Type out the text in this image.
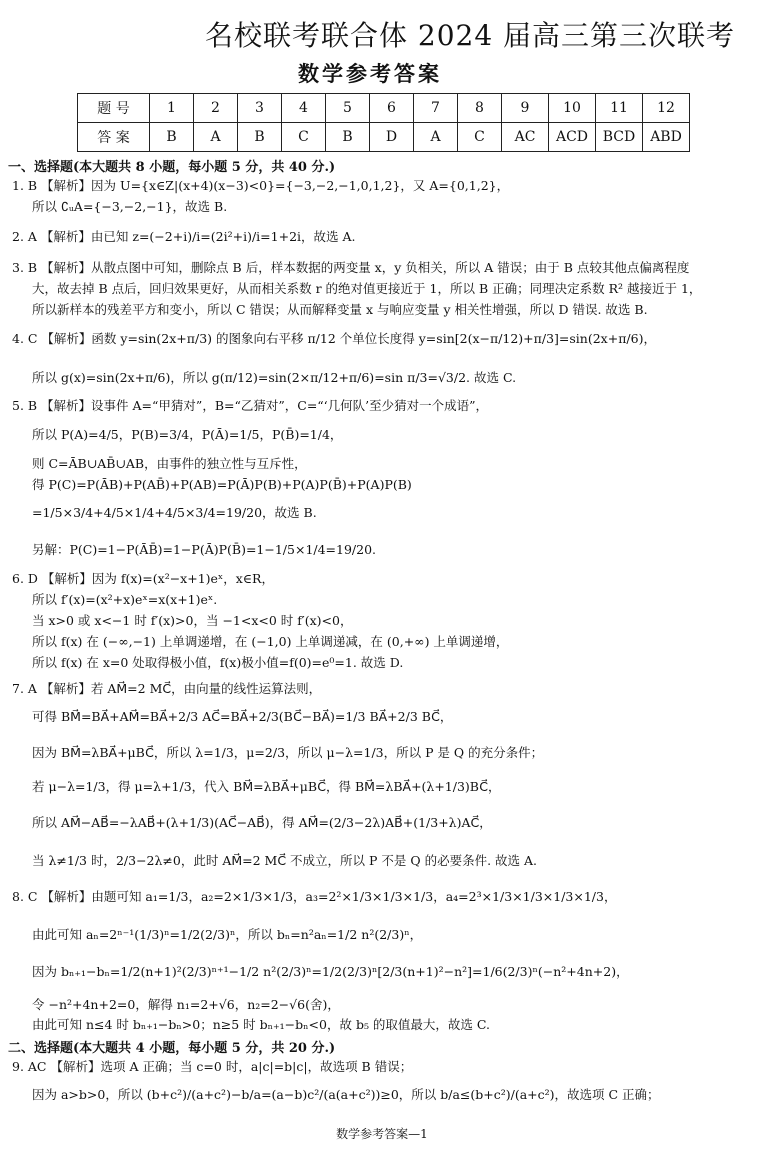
名校联考联合体 2024 届高三第三次联考
数学参考答案
题 号	1	2	3	4	5	6	7	8	9	10	11	12
答 案	B	A	B	C	B	D	A	C	AC	ACD	BCD	ABD
一、选择题(本大题共 8 小题，每小题 5 分，共 40 分.)
1. B 【解析】因为 U={x∈Z|(x+4)(x−3)<0}={−3,−2,−1,0,1,2}，又 A={0,1,2}，
所以 ∁ᵤA={−3,−2,−1}，故选 B.
2. A 【解析】由已知 z=(−2+i)/i=(2i²+i)/i=1+2i，故选 A.
3. B 【解析】从散点图中可知，删除点 B 后，样本数据的两变量 x，y 负相关，所以 A 错误；由于 B 点较其他点偏离程度
大，故去掉 B 点后，回归效果更好，从而相关系数 r 的绝对值更接近于 1，所以 B 正确；同理决定系数 R² 越接近于 1，
所以新样本的残差平方和变小，所以 C 错误；从而解释变量 x 与响应变量 y 相关性增强，所以 D 错误. 故选 B.
4. C 【解析】函数 y=sin(2x+π/3) 的图象向右平移 π/12 个单位长度得 y=sin[2(x−π/12)+π/3]=sin(2x+π/6)，
所以 g(x)=sin(2x+π/6)，所以 g(π/12)=sin(2×π/12+π/6)=sin π/3=√3/2. 故选 C.
5. B 【解析】设事件 A=“甲猜对”，B=“乙猜对”，C=“‘几何队’至少猜对一个成语”，
所以 P(A)=4/5，P(B)=3/4，P(Ā)=1/5，P(B̄)=1/4，
则 C=ĀB∪AB̄∪AB，由事件的独立性与互斥性，
得 P(C)=P(ĀB)+P(AB̄)+P(AB)=P(Ā)P(B)+P(A)P(B̄)+P(A)P(B)
=1/5×3/4+4/5×1/4+4/5×3/4=19/20，故选 B.
另解：P(C)=1−P(ĀB̄)=1−P(Ā)P(B̄)=1−1/5×1/4=19/20.
6. D 【解析】因为 f(x)=(x²−x+1)eˣ，x∈R，
所以 f′(x)=(x²+x)eˣ=x(x+1)eˣ.
当 x>0 或 x<−1 时 f′(x)>0，当 −1<x<0 时 f′(x)<0，
所以 f(x) 在 (−∞,−1) 上单调递增，在 (−1,0) 上单调递减，在 (0,+∞) 上单调递增，
所以 f(x) 在 x=0 处取得极小值，f(x)极小值=f(0)=e⁰=1. 故选 D.
7. A 【解析】若 AM⃗=2 MC⃗，由向量的线性运算法则，
可得 BM⃗=BA⃗+AM⃗=BA⃗+2/3 AC⃗=BA⃗+2/3(BC⃗−BA⃗)=1/3 BA⃗+2/3 BC⃗，
因为 BM⃗=λBA⃗+μBC⃗，所以 λ=1/3，μ=2/3，所以 μ−λ=1/3，所以 P 是 Q 的充分条件；
若 μ−λ=1/3，得 μ=λ+1/3，代入 BM⃗=λBA⃗+μBC⃗，得 BM⃗=λBA⃗+(λ+1/3)BC⃗，
所以 AM⃗−AB⃗=−λAB⃗+(λ+1/3)(AC⃗−AB⃗)，得 AM⃗=(2/3−2λ)AB⃗+(1/3+λ)AC⃗，
当 λ≠1/3 时，2/3−2λ≠0，此时 AM⃗=2 MC⃗ 不成立，所以 P 不是 Q 的必要条件. 故选 A.
8. C 【解析】由题可知 a₁=1/3，a₂=2×1/3×1/3，a₃=2²×1/3×1/3×1/3，a₄=2³×1/3×1/3×1/3×1/3，
由此可知 aₙ=2ⁿ⁻¹(1/3)ⁿ=1/2(2/3)ⁿ，所以 bₙ=n²aₙ=1/2 n²(2/3)ⁿ，
因为 bₙ₊₁−bₙ=1/2(n+1)²(2/3)ⁿ⁺¹−1/2 n²(2/3)ⁿ=1/2(2/3)ⁿ[2/3(n+1)²−n²]=1/6(2/3)ⁿ(−n²+4n+2)，
令 −n²+4n+2=0，解得 n₁=2+√6，n₂=2−√6(舍)，
由此可知 n≤4 时 bₙ₊₁−bₙ>0；n≥5 时 bₙ₊₁−bₙ<0，故 b₅ 的取值最大，故选 C.
二、选择题(本大题共 4 小题，每小题 5 分，共 20 分.)
9. AC 【解析】选项 A 正确；当 c=0 时，a|c|=b|c|，故选项 B 错误；
因为 a>b>0，所以 (b+c²)/(a+c²)−b/a=(a−b)c²/(a(a+c²))≥0，所以 b/a≤(b+c²)/(a+c²)，故选项 C 正确；
数学参考答案—1
